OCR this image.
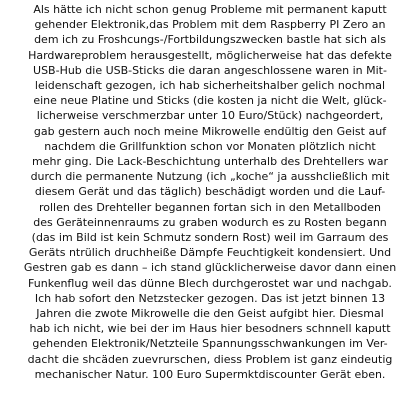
Als hätte ich nicht schon genug Probleme mit permanent kaputt
gehender Elektronik,das Problem mit dem Raspberry PI Zero an
dem ich zu Froshcungs-/Fortbildungszwecken bastle hat sich als
Hardwareproblem herausgestellt, möglicherweise hat das defekte
USB-Hub die USB-Sticks die daran angeschlossene waren in Mit-
leidenschaft gezogen, ich hab sicherheitshalber gelich nochmal
eine neue Platine und Sticks (die kosten ja nicht die Welt, glück-
licherweise verschmerzbar unter 10 Euro/Stück) nachgeordert,
gab gestern auch noch meine Mikrowelle endültig den Geist auf
nachdem die Grillfunktion schon vor Monaten plötzlich nicht
mehr ging. Die Lack-Beschichtung unterhalb des Drehtellers war
durch die permanente Nutzung (ich „koche“ ja ausshcließlich mit
diesem Gerät und das täglich) beschädigt worden und die Lauf-
rollen des Drehteller begannen fortan sich in den Metallboden
des Geräteinnenraums zu graben wodurch es zu Rosten begann
(das im Bild ist kein Schmutz sondern Rost) weil im Garraum des
Geräts ntrülich druchheiße Dämpfe Feuchtigkeit kondensiert. Und
Gestren gab es dann – ich stand glücklicherweise davor dann einen
Funkenflug weil das dünne Blech durchgerostet war und nachgab.
Ich hab sofort den Netzstecker gezogen. Das ist jetzt binnen 13
Jahren die zwote Mikrowelle die den Geist aufgibt hier. Diesmal
hab ich nicht, wie bei der im Haus hier besodners schnnell kaputt
gehenden Elektronik/Netzteile Spannungsschwankungen im Ver-
dacht die shcäden zuevrurschen, diess Problem ist ganz eindeutig
mechanischer Natur. 100 Euro Supermktdiscounter Gerät eben.
